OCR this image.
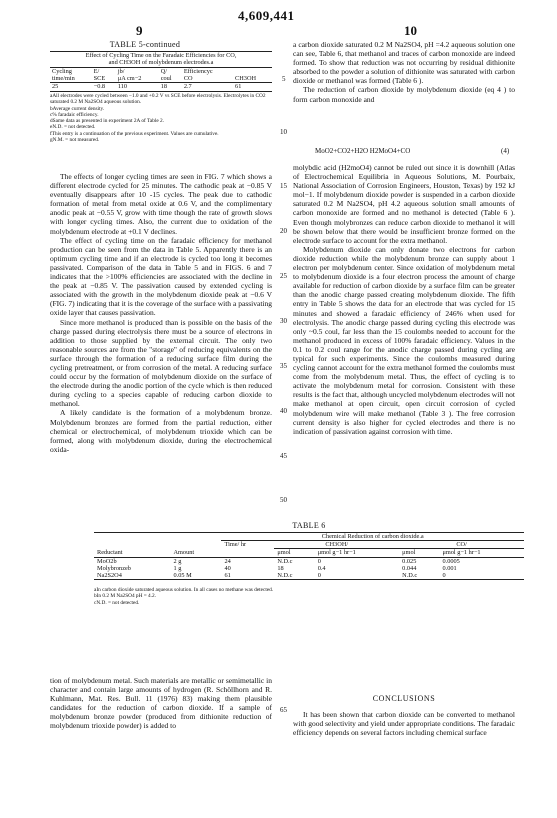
4,609,441
9	10
TABLE 5-continued
Effect of Cycling Time on the Faradaic Efficiencies for CO,
and CH3OH of molybdenum electrodes.a
Cycling	E/	jb/	Q/	Efficiencyc	
time/min	SCE	μA cm−2	coul	CO	CH3OH
25	−0.8	110	18	2.7	61
aAll electrodes were cycled between −1.0 and +0.2 V vs SCE before electrolysis. Electrolytes in CO2 saturated 0.2 M Na2SO4 aqueous solution.
bAverage current density.
c% faradaic efficiency.
dSame data as presented in experiment 2A of Table 2.
eN.D. = not detected.
fThis entry is a continuation of the previous experiment. Values are cumulative.
gN.M. = not measured.

The effects of longer cycling times are seen in FIG. 7 which shows a different electrode cycled for 25 minutes. The cathodic peak at −0.85 V eventually disappears after 10 -15 cycles. The peak due to cathodic formation of metal from metal oxide at 0.6 V, and the complimentary anodic peak at −0.55 V, grow with time though the rate of growth slows with longer cycling times. Also, the current due to oxidation of the molybdenum electrode at +0.1 V declines.

The effect of cycling time on the faradaic efficiency for methanol production can be seen from the data in Table 5. Apparently there is an optimum cycling time and if an electrode is cycled too long it becomes passivated. Comparison of the data in Table 5 and in FIGS. 6 and 7 indicates that the >100% efficiencies are associated with the decline in the peak at −0.85 V. The passivation caused by extended cycling is associated with the growth in the molybdenum dioxide peak at −0.6 V (FIG. 7) indicating that it is the coverage of the surface with a passivating oxide layer that causes passivation.

Since more methanol is produced than is possible on the basis of the charge passed during electrolysis there must be a source of electrons in addition to those supplied by the external circuit. The only two reasonable sources are from the "storage" of reducing equivalents on the surface through the formation of a reducing surface film during the cycling pretreatment, or from corrosion of the metal. A reducing surface could occur by the formation of molybdenum dioxide on the surface of the electrode during the anodic portion of the cycle which is then reduced during cycling to a species capable of reducing carbon dioxide to methanol.

A likely candidate is the formation of a molybdenum bronze. Molybdenum bronzes are formed from the partial reduction, either chemical or electrochemical, of molybdenum trioxide which can be formed, along with molybdenum dioxide, during the electrochemical oxida-

a carbon dioxide saturated 0.2 M Na2SO4, pH =4.2 aqueous solution one can see, Table 6, that methanol and traces of carbon monoxide are indeed formed. To show that reduction was not occurring by residual dithionite absorbed to the powder a solution of dithionite was saturated with carbon dioxide or methanol was formed (Table 6 ).

The reduction of carbon dioxide by molybdenum dioxide (eq 4 ) to form carbon monoxide and

MoO2+CO2+H2O H2MoO4+CO	(4)

molybdic acid (H2moO4) cannot be ruled out since it is downhill (Atlas of Electrochemical Equilibria in Aqueous Solutions, M. Pourbaix, National Association of Corrosion Engineers, Houston, Texas) by 192 kJ mol−1. If molybdenum dioxide powder is suspended in a carbon dioxide saturated 0.2 M Na2SO4, pH 4.2 aqueous solution small amounts of carbon monoxide are formed and no methanol is detected (Table 6 ). Even though molybronzes can reduce carbon dioxide to methanol it will be shown below that there would be insufficient bronze formed on the electrode surface to account for the extra methanol.

Molybdenum dioxide can only donate two electrons for carbon dioxide reduction while the molybdenum bronze can supply about 1 electron per molybdenum center. Since oxidation of molybdenum metal to molybdenum dioxide is a four electron process the amount of charge available for reduction of carbon dioxide by a surface film can be greater than the anodic charge passed creating molybdenum dioxide. The fifth entry in Table 5 shows the data for an electrode that was cycled for 15 minutes and showed a faradaic efficiency of 246% when used for electrolysis. The anodic charge passed during cycling this electrode was only ~0.5 coul, far less than the 15 coulombs needed to account for the methanol produced in excess of 100% faradaic efficiency. Values in the 0.1 to 0.2 coul range for the anodic charge passed during cycling are typical for such experiments. Since the coulombs measured during cycling cannot account for the extra methanol formed the coulombs must come from the molybdenum metal. Thus, the effect of cycling is to activate the molybdenum metal for corrosion. Consistent with these results is the fact that, although uncycled molybdenum electrodes will not make methanol at open circuit, open circuit corrosion of cycled molybdenum wire will make methanol (Table 3 ). The free corrosion current density is also higher for cycled electrodes and there is no indication of passivation against corrosion with time.

5
10
15
20
25
30
35
40
45
50
65
TABLE 6
		Chemical Reduction of carbon dioxide.a				
		Time/ hr	CH3OH/		CO/	
Reductant	Amount		μmol	μmol g−1 hr−1	μmol	μmol g−1 hr−1
MoO2b	2 g	24	N.D.c	0	0.025	0.0005
Molybronzeb	1 g	40	18	0.4	0.044	0.001
Na2S2O4	0.05 M	61	N.D.c	0	N.D.c	0
aIn carbon dioxide saturated aqueous solution. In all cases no methane was detected.
bIn 0.2 M Na2SO4 pH = 4.2.
cN.D. = not detected.

tion of molybdenum metal. Such materials are metallic or semimetallic in character and contain large amounts of hydrogen (R. Schöllhorn and R. Kuhlmann, Mat. Res. Bull. 11 (1976) 83) making them plausible candidates for the reduction of carbon dioxide. If a sample of molybdenum bronze powder (produced from dithionite reduction of molybdenum trioxide powder) is added to

CONCLUSIONS

It has been shown that carbon dioxide can be converted to methanol with good selectivity and yield under appropriate conditions. The faradaic efficiency depends on several factors including chemical surface
